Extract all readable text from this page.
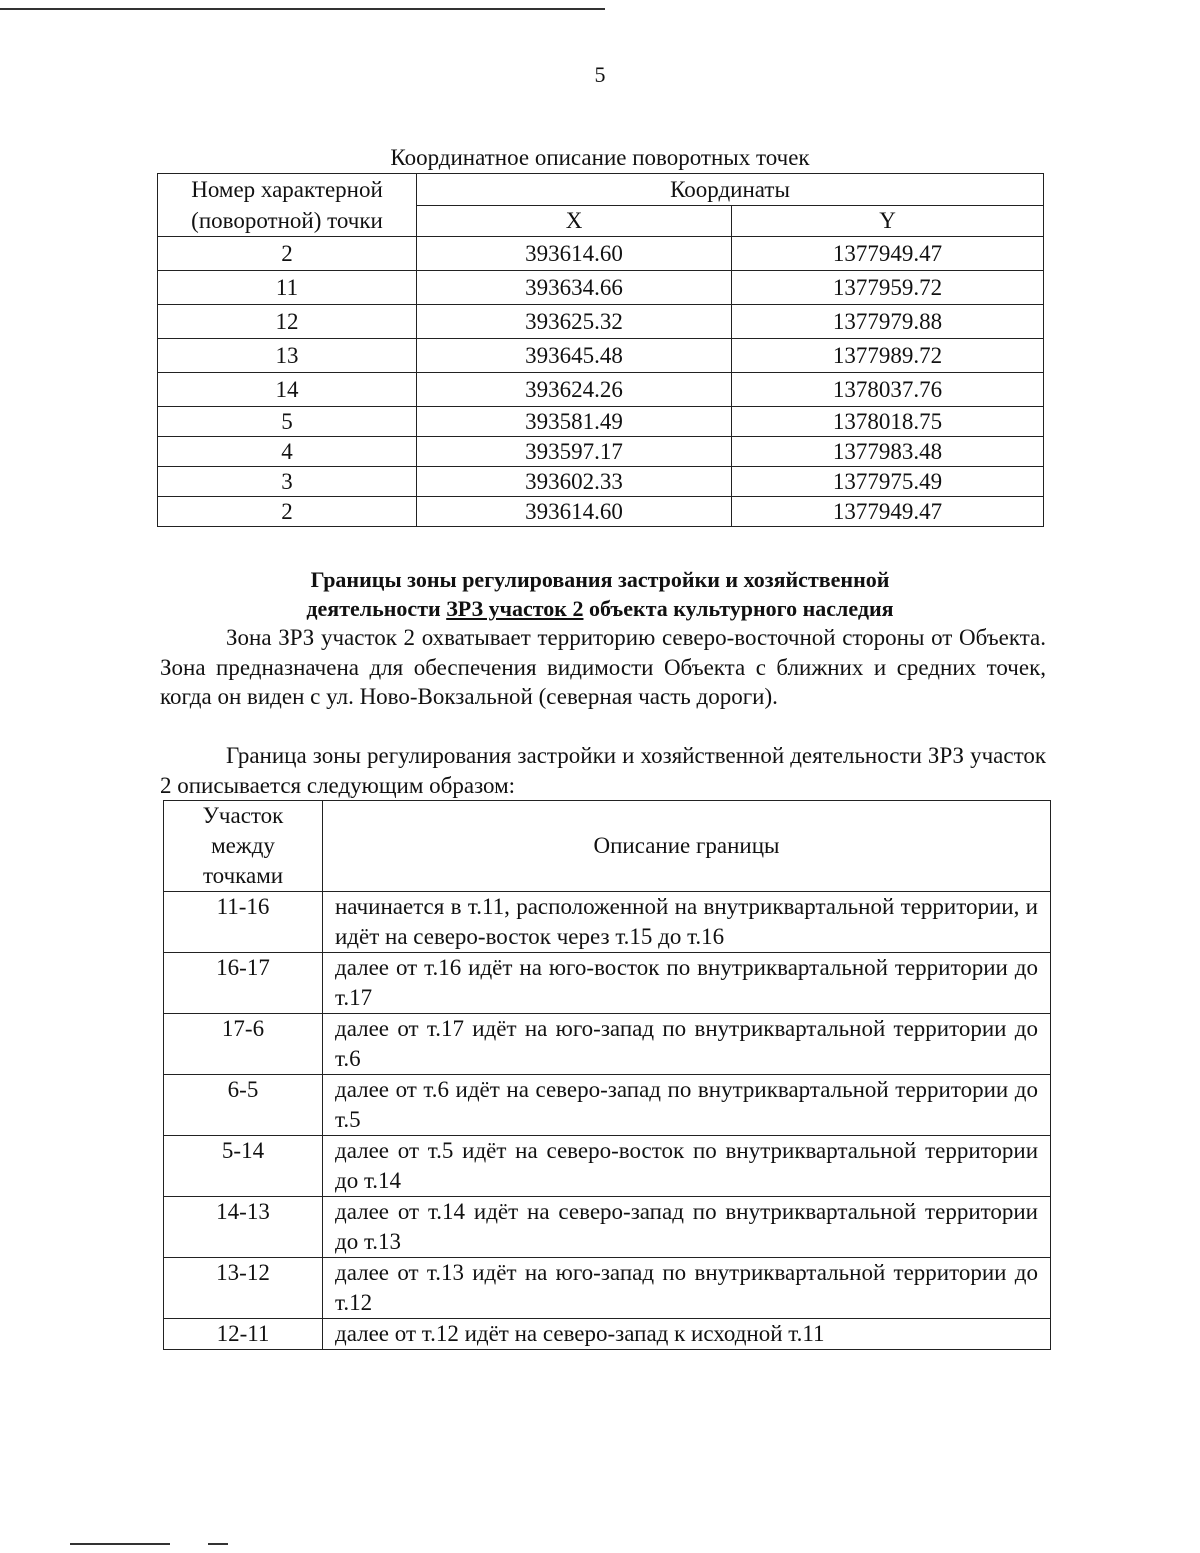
5
Координатное описание поворотных точек
Номер характерной
(поворотной) точки	Координаты	
	X	Y
2	393614.60	1377949.47
11	393634.66	1377959.72
12	393625.32	1377979.88
13	393645.48	1377989.72
14	393624.26	1378037.76
5	393581.49	1378018.75
4	393597.17	1377983.48
3	393602.33	1377975.49
2	393614.60	1377949.47
Границы зоны регулирования застройки и хозяйственной
деятельности ЗРЗ участок 2 объекта культурного наследия
Зона ЗРЗ участок 2 охватывает территорию северо-восточной стороны от Объекта. Зона предназначена для обеспечения видимости Объекта с ближних и средних точек, когда он виден с ул. Ново-Вокзальной (северная часть дороги).
Граница зоны регулирования застройки и хозяйственной деятельности ЗРЗ участок 2 описывается следующим образом:
Участок
между
точками	Описание границы
11-16	начинается в т.11, расположенной на внутриквартальной территории, и идёт на северо-восток через т.15 до т.16

16-17	далее от т.16 идёт на юго-восток по внутриквартальной территории до т.17

17-6	далее от т.17 идёт на юго-запад по внутриквартальной территории до т.6

6-5	далее от т.6 идёт на северо-запад по внутриквартальной территории до т.5

5-14	далее от т.5 идёт на северо-восток по внутриквартальной территории до т.14

14-13	далее от т.14 идёт на северо-запад по внутриквартальной территории до т.13

13-12	далее от т.13 идёт на юго-запад по внутриквартальной территории до т.12

12-11	далее от т.12 идёт на северо-запад к исходной т.11
